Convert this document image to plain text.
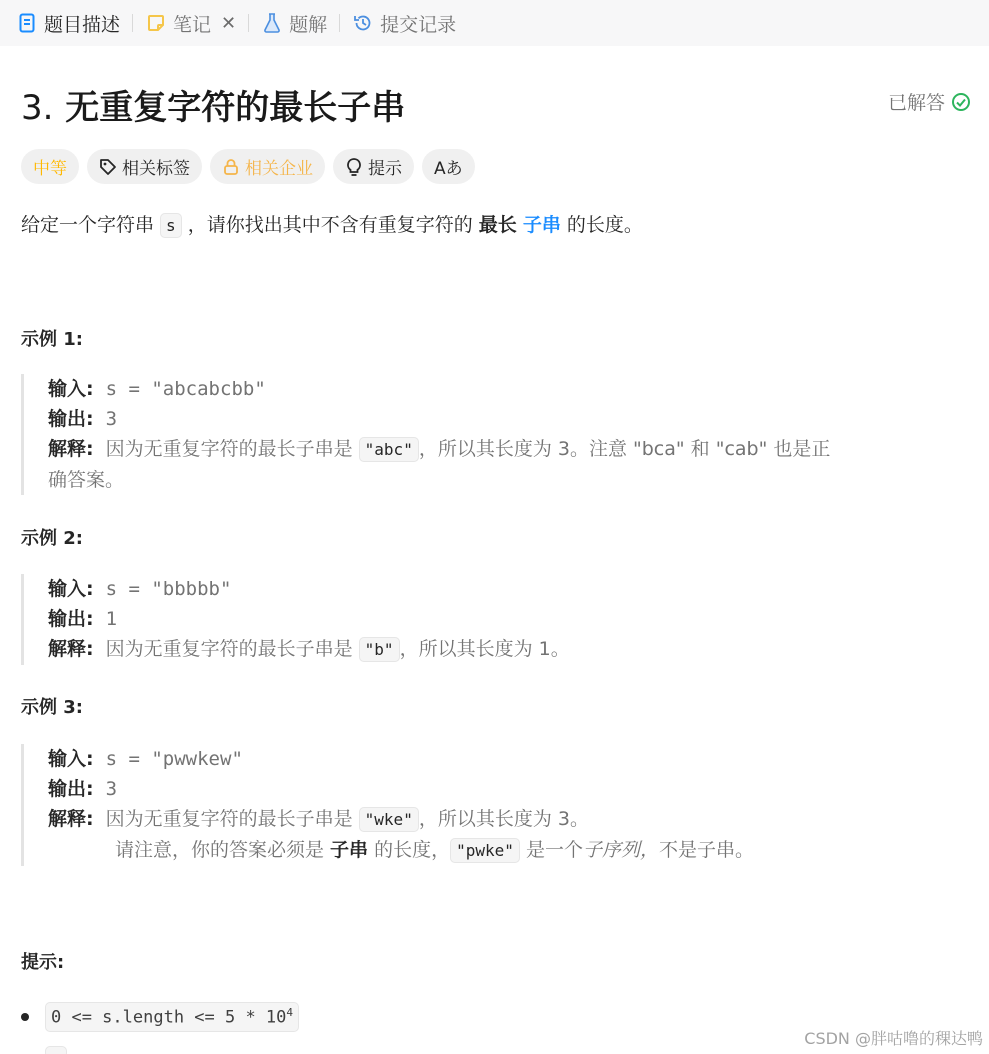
题目描述	笔记 ✕	题解	提交记录
3. 无重复字符的最长子串	已解答
中等	相关标签	相关企业	提示 Aあ
给定一个字符串 s ，请你找出其中不含有重复字符的 最长 子串 的长度。
示例 1:
输入: s = "abcabcbb"
输出: 3
解释: 因为无重复字符的最长子串是 "abc" ，所以其长度为 3。注意 "bca" 和 "cab" 也是正
确答案。
示例 2:
输入: s = "bbbbb"
输出: 1
解释: 因为无重复字符的最长子串是 "b" ，所以其长度为 1。
示例 3:
输入: s = "pwwkew"
输出: 3
解释: 因为无重复字符的最长子串是 "wke" ，所以其长度为 3。
请注意，你的答案必须是 子串 的长度， "pwke" 是一个子序列，不是子串。
提示:
0 <= s.length <= $5 * 10^4$
CSDN @胖咕噜的稞达鸭
